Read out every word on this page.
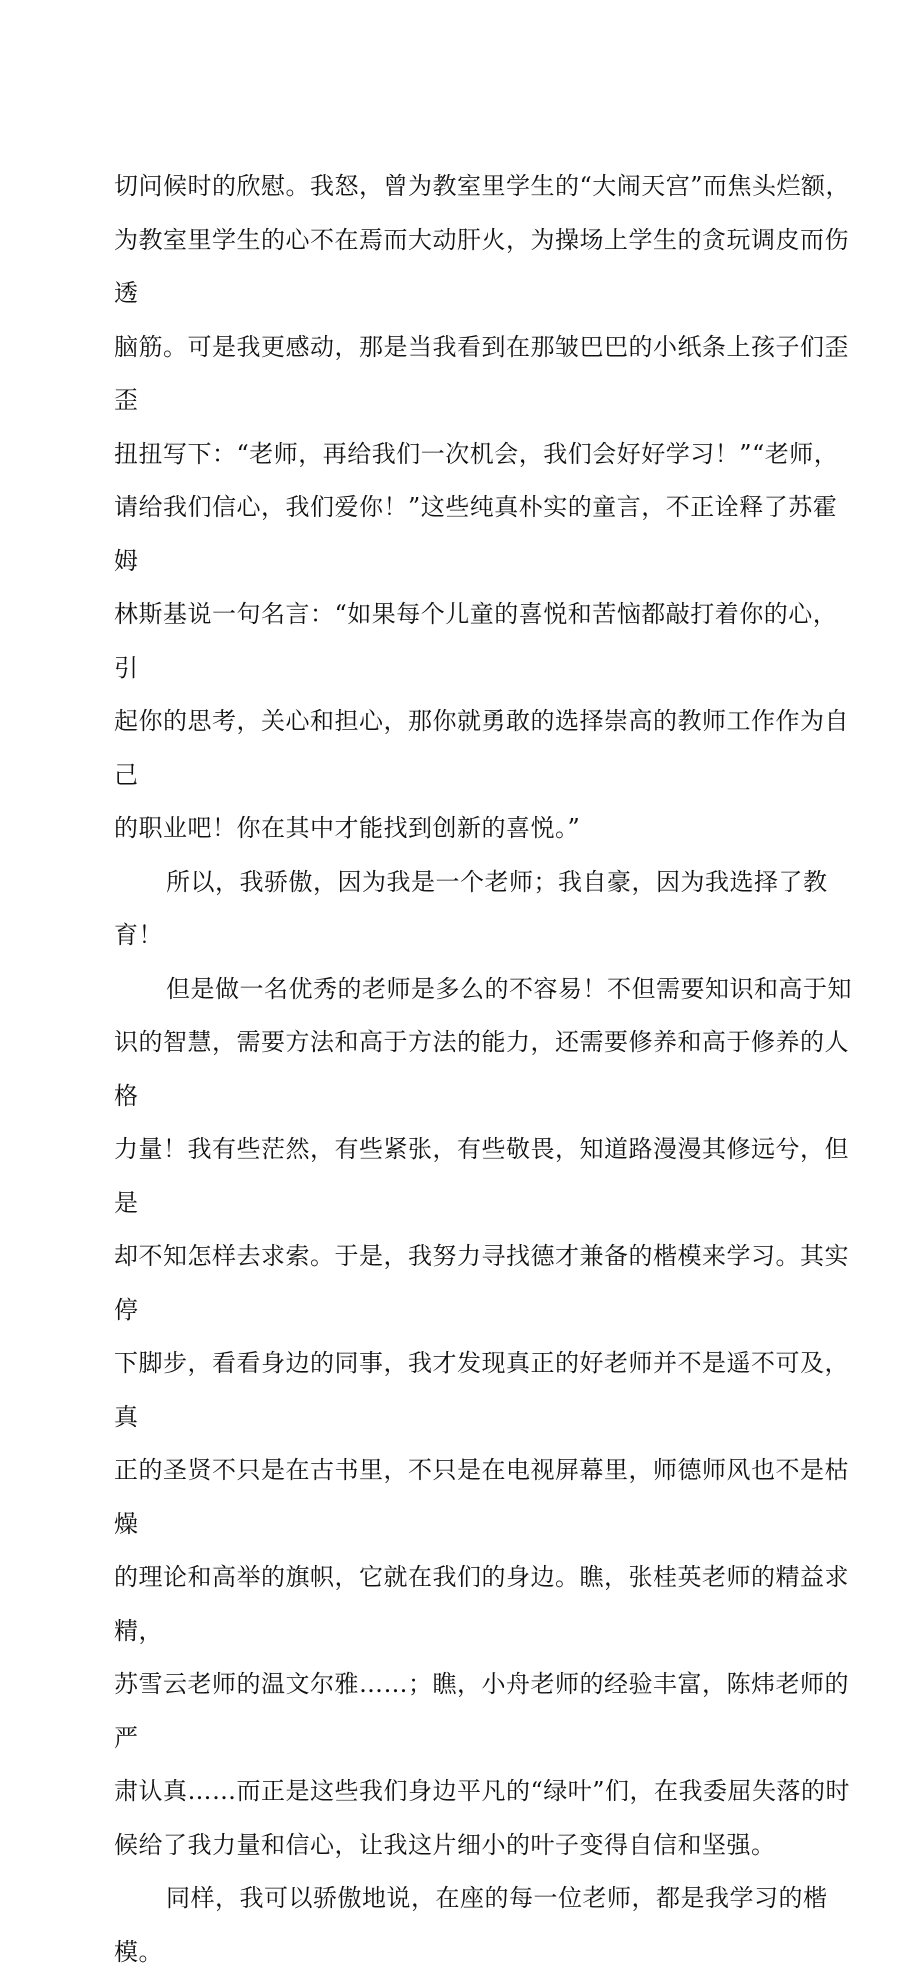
切问候时的欣慰。我怒，曾为教室里学生的“大闹天宫”而焦头烂额，
为教室里学生的心不在焉而大动肝火，为操场上学生的贪玩调皮而伤透
脑筋。可是我更感动，那是当我看到在那皱巴巴的小纸条上孩子们歪歪
扭扭写下：“老师，再给我们一次机会，我们会好好学习！”“老师，
请给我们信心，我们爱你！”这些纯真朴实的童言，不正诠释了苏霍姆
林斯基说一句名言：“如果每个儿童的喜悦和苦恼都敲打着你的心，引
起你的思考，关心和担心，那你就勇敢的选择崇高的教师工作作为自己
的职业吧！你在其中才能找到创新的喜悦。”
所以，我骄傲，因为我是一个老师；我自豪，因为我选择了教育！
但是做一名优秀的老师是多么的不容易！不但需要知识和高于知
识的智慧，需要方法和高于方法的能力，还需要修养和高于修养的人格
力量！我有些茫然，有些紧张，有些敬畏，知道路漫漫其修远兮，但是
却不知怎样去求索。于是，我努力寻找德才兼备的楷模来学习。其实停
下脚步，看看身边的同事，我才发现真正的好老师并不是遥不可及，真
正的圣贤不只是在古书里，不只是在电视屏幕里，师德师风也不是枯燥
的理论和高举的旗帜，它就在我们的身边。瞧，张桂英老师的精益求精，
苏雪云老师的温文尔雅……；瞧，小舟老师的经验丰富，陈炜老师的严
肃认真……而正是这些我们身边平凡的“绿叶”们，在我委屈失落的时
候给了我力量和信心，让我这片细小的叶子变得自信和坚强。
同样，我可以骄傲地说，在座的每一位老师，都是我学习的楷模。
